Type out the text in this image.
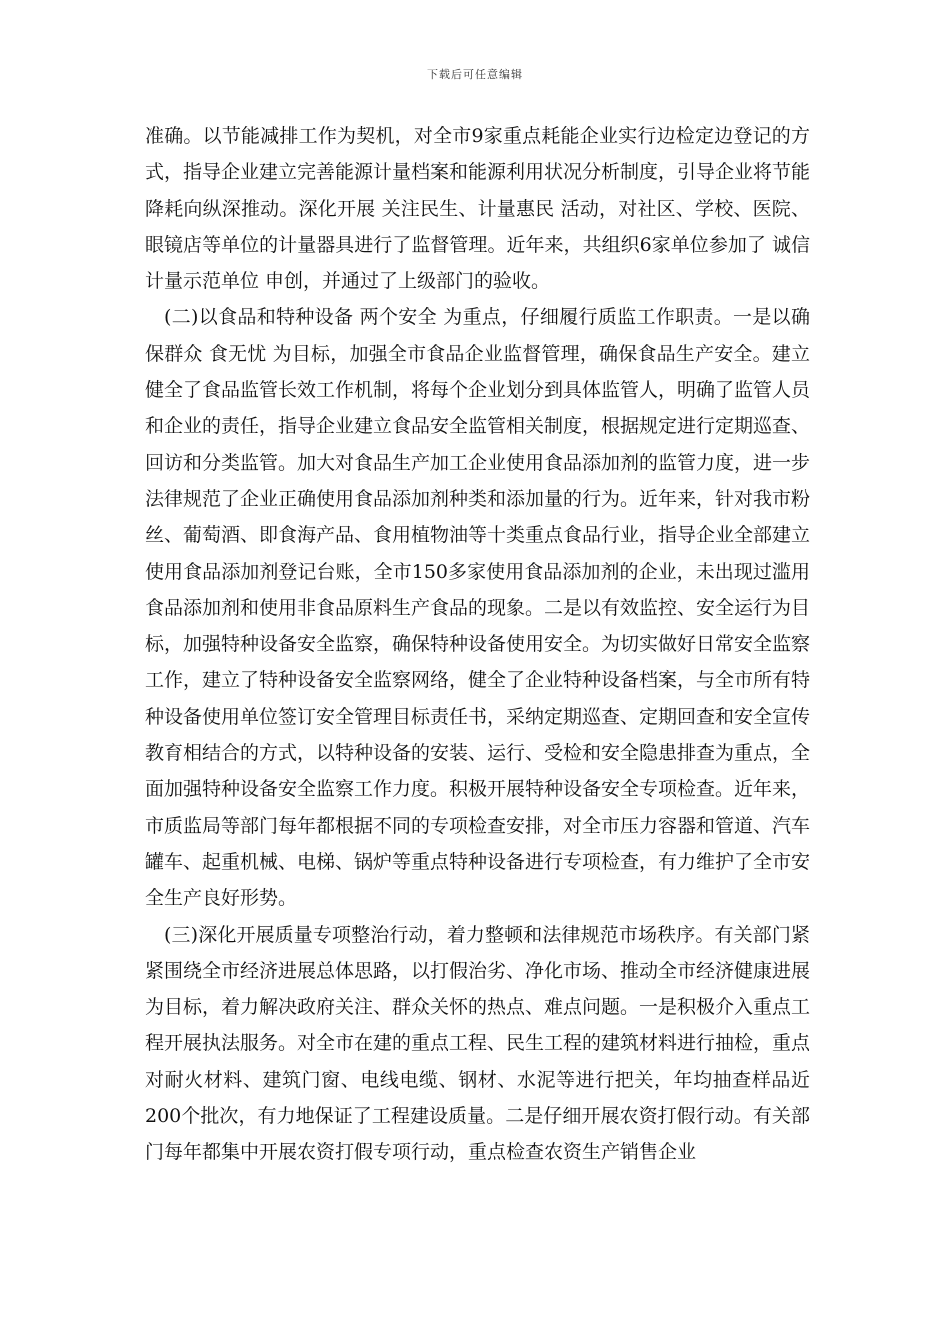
下载后可任意编辑

准确。以节能减排工作为契机，对全市9家重点耗能企业实行边检定边登记的方式，指导企业建立完善能源计量档案和能源利用状况分析制度，引导企业将节能降耗向纵深推动。深化开展 关注民生、计量惠民 活动，对社区、学校、医院、眼镜店等单位的计量器具进行了监督管理。近年来，共组织6家单位参加了 诚信计量示范单位 申创，并通过了上级部门的验收。

(二)以食品和特种设备 两个安全 为重点，仔细履行质监工作职责。一是以确保群众 食无忧 为目标，加强全市食品企业监督管理，确保食品生产安全。建立健全了食品监管长效工作机制，将每个企业划分到具体监管人，明确了监管人员和企业的责任，指导企业建立食品安全监管相关制度，根据规定进行定期巡查、回访和分类监管。加大对食品生产加工企业使用食品添加剂的监管力度，进一步法律规范了企业正确使用食品添加剂种类和添加量的行为。近年来，针对我市粉丝、葡萄酒、即食海产品、食用植物油等十类重点食品行业，指导企业全部建立使用食品添加剂登记台账，全市150多家使用食品添加剂的企业，未出现过滥用食品添加剂和使用非食品原料生产食品的现象。二是以有效监控、安全运行为目标，加强特种设备安全监察，确保特种设备使用安全。为切实做好日常安全监察工作，建立了特种设备安全监察网络，健全了企业特种设备档案，与全市所有特种设备使用单位签订安全管理目标责任书，采纳定期巡查、定期回查和安全宣传教育相结合的方式，以特种设备的安装、运行、受检和安全隐患排查为重点，全面加强特种设备安全监察工作力度。积极开展特种设备安全专项检查。近年来，市质监局等部门每年都根据不同的专项检查安排，对全市压力容器和管道、汽车罐车、起重机械、电梯、锅炉等重点特种设备进行专项检查，有力维护了全市安全生产良好形势。

(三)深化开展质量专项整治行动，着力整顿和法律规范市场秩序。有关部门紧紧围绕全市经济进展总体思路，以打假治劣、净化市场、推动全市经济健康进展为目标，着力解决政府关注、群众关怀的热点、难点问题。一是积极介入重点工程开展执法服务。对全市在建的重点工程、民生工程的建筑材料进行抽检，重点对耐火材料、建筑门窗、电线电缆、钢材、水泥等进行把关，年均抽查样品近200个批次，有力地保证了工程建设质量。二是仔细开展农资打假行动。有关部门每年都集中开展农资打假专项行动，重点检查农资生产销售企业
